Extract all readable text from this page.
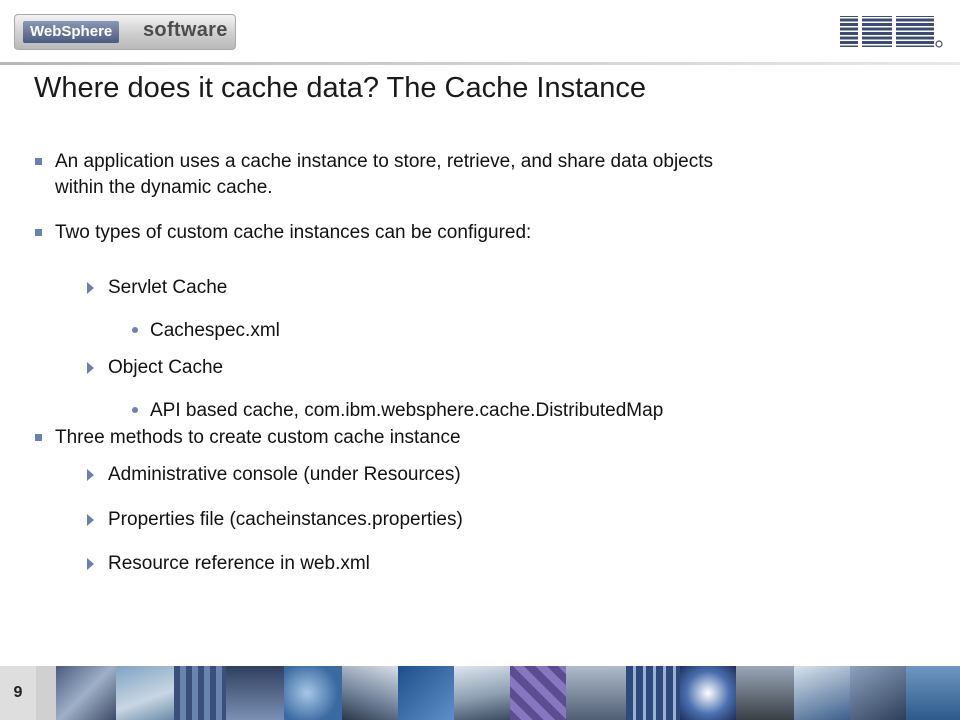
WebSphere	software
Where does it cache data? The Cache Instance
An application uses a cache instance to store, retrieve, and share data objects
within the dynamic cache.
Two types of custom cache instances can be configured:
Servlet Cache
Cachespec.xml
Object Cache
API based cache, com.ibm.websphere.cache.DistributedMap
Three methods to create custom cache instance
Administrative console (under Resources)
Properties file (cacheinstances.properties)
Resource reference in web.xml
9
